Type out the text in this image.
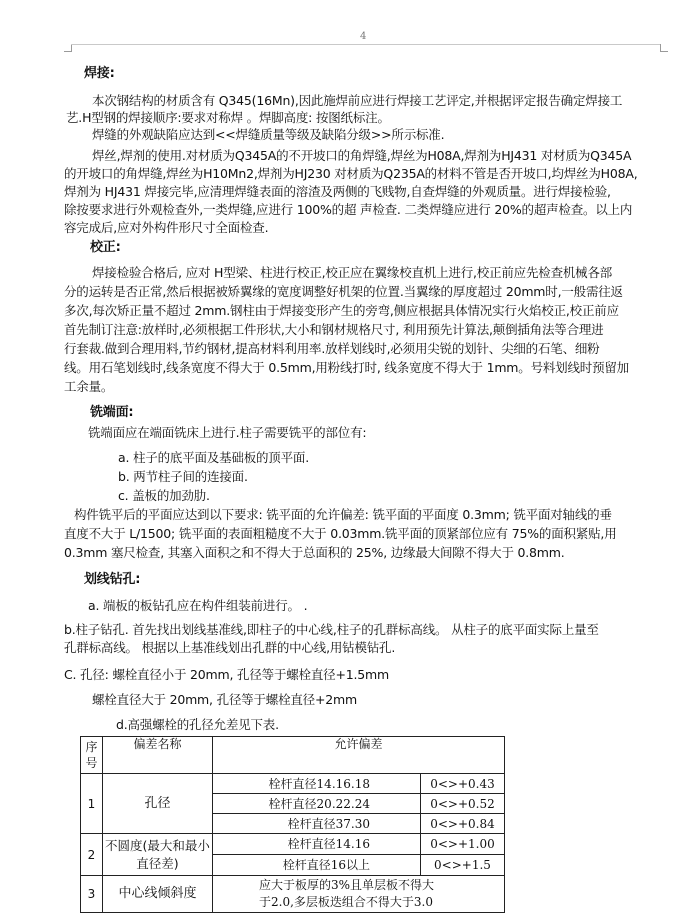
4
焊接:
本次钢结构的材质含有 Q345(16Mn),因此施焊前应进行焊接工艺评定,并根据评定报告确定焊接工
艺.H型钢的焊接顺序:要求对称焊 。焊脚高度: 按图纸标注。
焊缝的外观缺陷应达到<<焊缝质量等级及缺陷分级>>所示标准.
焊丝,焊剂的使用.对材质为Q345A的不开坡口的角焊缝,焊丝为H08A,焊剂为HJ431 对材质为Q345A
的开坡口的角焊缝,焊丝为H10Mn2,焊剂为HJ230 对材质为Q235A的材料不管是否开坡口,均焊丝为H08A,
焊剂为 HJ431 焊接完毕,应清理焊缝表面的溶渣及两侧的飞贱物,自查焊缝的外观质量。进行焊接检验,
除按要求进行外观检查外,一类焊缝,应进行 100%的超 声检查. 二类焊缝应进行 20%的超声检查。以上内
容完成后,应对外构件形尺寸全面检查.
校正:
焊接检验合格后, 应对 H型梁、柱进行校正,校正应在翼缘校直机上进行,校正前应先检查机械各部
分的运转是否正常,然后根据被矫翼缘的宽度调整好机架的位置.当翼缘的厚度超过 20mm时,一般需往返
多次,每次矫正量不超过 2mm.钢柱由于焊接变形产生的旁弯,侧应根据具体情况实行火焰校正,校正前应
首先制订注意:放样时,必须根据工件形状,大小和钢材规格尺寸, 利用预先计算法,颠倒插角法等合理进
行套裁.做到合理用料,节约钢材,提高材料利用率.放样划线时,必须用尖锐的划针、尖细的石笔、细粉
线。用石笔划线时,线条宽度不得大于 0.5mm,用粉线打时, 线条宽度不得大于 1mm。号料划线时预留加
工余量。
铣端面:
铣端面应在端面铣床上进行.柱子需要铣平的部位有:
a. 柱子的底平面及基础板的顶平面.
b. 两节柱子间的连接面.
c. 盖板的加劲肋.
构件铣平后的平面应达到以下要求: 铣平面的允许偏差: 铣平面的平面度 0.3mm; 铣平面对轴线的垂
直度不大于 L/1500; 铣平面的表面粗糙度不大于 0.03mm.铣平面的顶紧部位应有 75%的面积紧贴,用
0.3mm 塞尺检查, 其塞入面积之和不得大于总面积的 25%, 边缘最大间隙不得大于 0.8mm.
划线钻孔:
a. 端板的板钻孔应在构件组装前进行。 .
b.柱子钻孔. 首先找出划线基准线,即柱子的中心线,柱子的孔群标高线。 从柱子的底平面实际上量至
孔群标高线。 根据以上基准线划出孔群的中心线,用钻模钻孔.
C. 孔径: 螺栓直径小于 20mm, 孔径等于螺栓直径+1.5mm
螺栓直径大于 20mm, 孔径等于螺栓直径+2mm
d.高强螺栓的孔径允差见下表.
序号	偏差名称	允许偏差	

1	孔径	栓杆直径14.16.18	0<>+0.43
		栓杆直径20.22.24	0<>+0.52
		栓杆直径37.30	0<>+0.84
2	不圆度(最大和最小直径差)	栓杆直径14.16	0<>+1.00
		栓杆直径16以上	0<>+1.5
3	中心线倾斜度	应大于板厚的3%且单层板不得大于2.0,多层板迭组合不得大于3.0	
